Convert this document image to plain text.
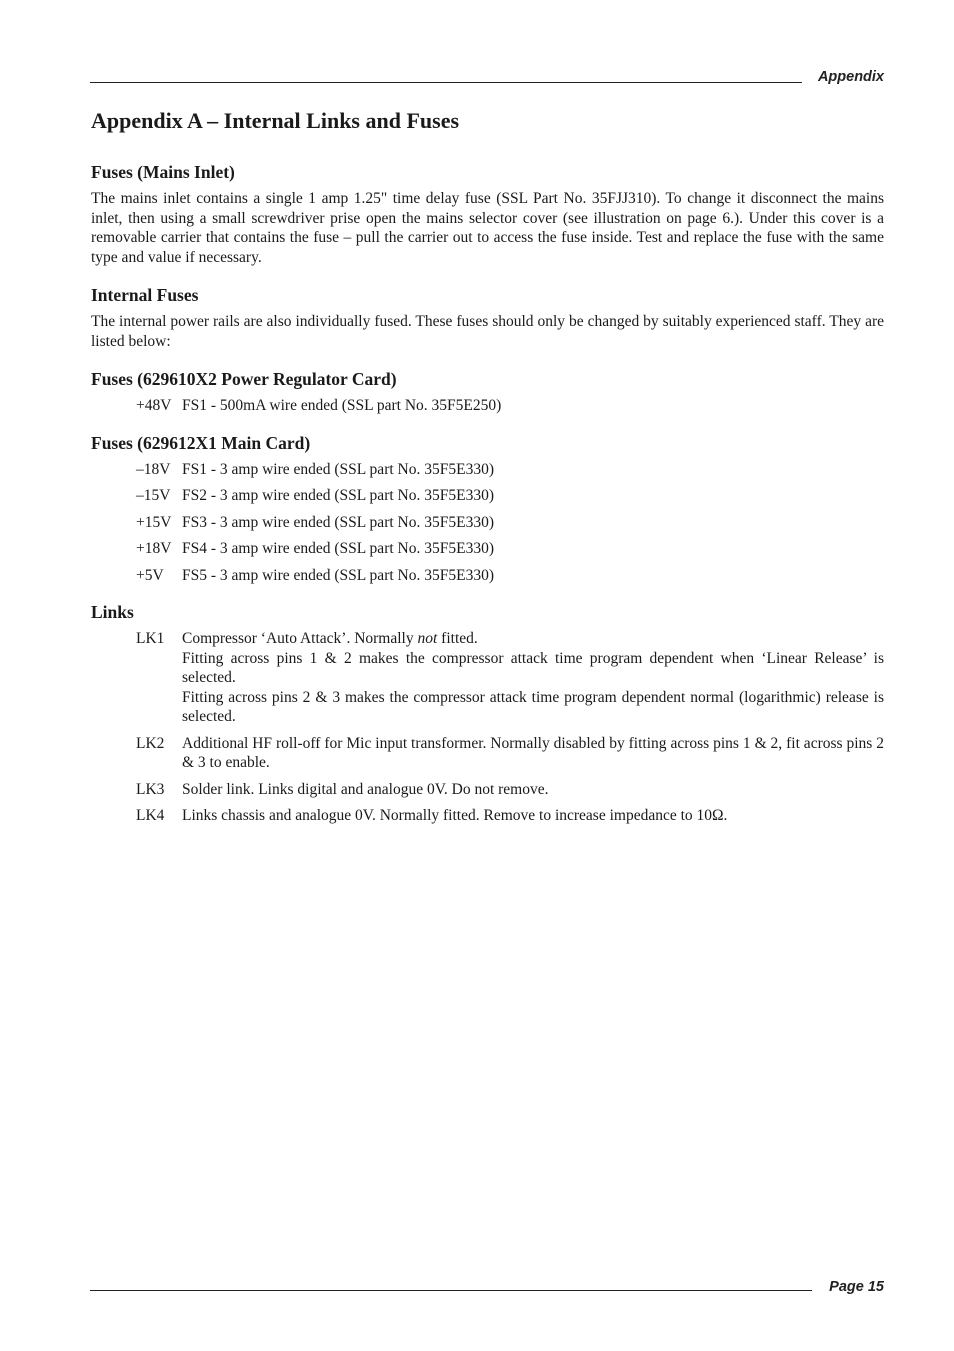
Appendix
Appendix A – Internal Links and Fuses
Fuses (Mains Inlet)

The mains inlet contains a single 1 amp 1.25" time delay fuse (SSL Part No. 35FJJ310). To change it disconnect the mains inlet, then using a small screwdriver prise open the mains selector cover (see illustration on page 6.). Under this cover is a removable carrier that contains the fuse – pull the carrier out to access the fuse inside. Test and replace the fuse with the same type and value if necessary.

Internal Fuses

The internal power rails are also individually fused. These fuses should only be changed by suitably experienced staff. They are listed below:

Fuses (629610X2 Power Regulator Card)
+48V FS1 - 500mA wire ended (SSL part No. 35F5E250)
Fuses (629612X1 Main Card)
–18V FS1 - 3 amp wire ended (SSL part No. 35F5E330)
–15V FS2 - 3 amp wire ended (SSL part No. 35F5E330)
+15V FS3 - 3 amp wire ended (SSL part No. 35F5E330)
+18V FS4 - 3 amp wire ended (SSL part No. 35F5E330)
+5V	FS5 - 3 amp wire ended (SSL part No. 35F5E330)
Links
LK1	Compressor ‘Auto Attack’. Normally not fitted.
Fitting across pins 1 & 2 makes the compressor attack time program dependent when ‘Linear Release’ is selected.
Fitting across pins 2 & 3 makes the compressor attack time program dependent normal (logarithmic) release is selected.
LK2	Additional HF roll-off for Mic input transformer. Normally disabled by fitting across pins 1 & 2, fit across pins 2 & 3 to enable.
LK3	Solder link. Links digital and analogue 0V. Do not remove.
LK4	Links chassis and analogue 0V. Normally fitted. Remove to increase impedance to 10Ω.
Page 15
